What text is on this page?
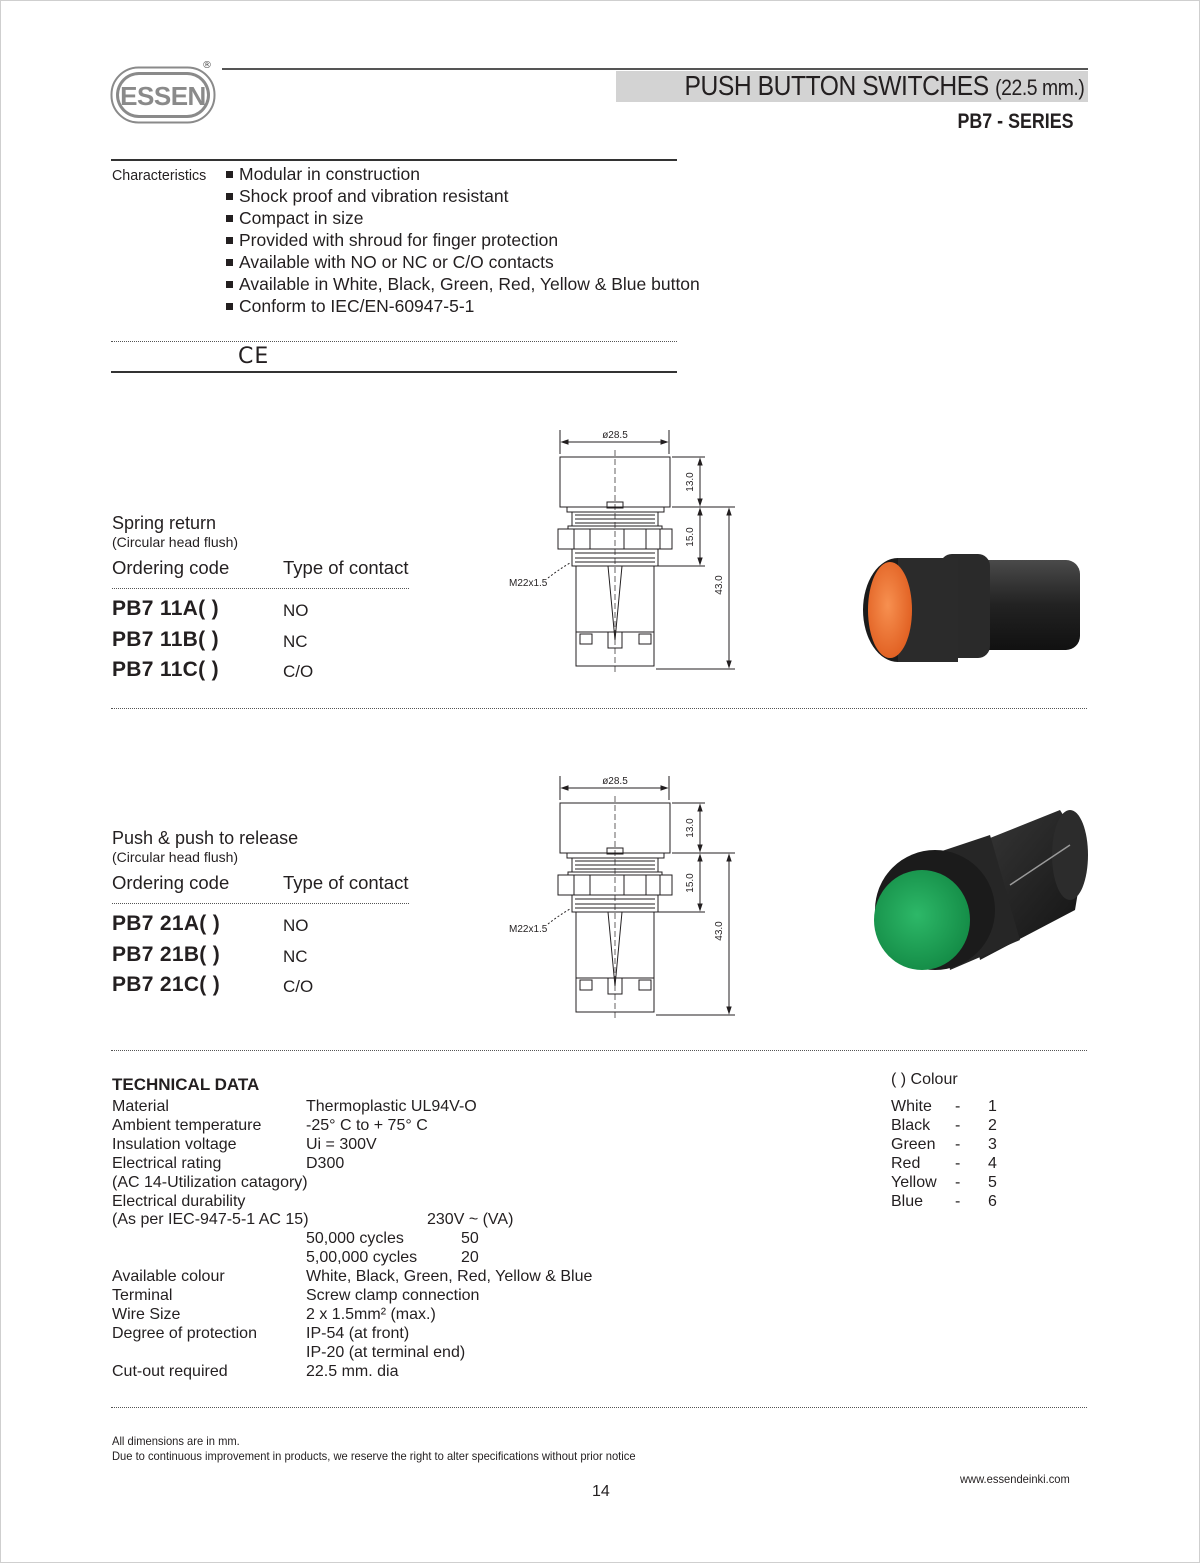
ESSEN
®
PUSH BUTTON SWITCHES (22.5 mm.)
PB7 - SERIES
Characteristics	Modular in construction
Shock proof and vibration resistant
Compact in size
Provided with shroud for finger protection
Available with NO or NC or C/O contacts
Available in White, Black, Green, Red, Yellow & Blue button
Conform to IEC/EN-60947-5-1
CE
Spring return
(Circular head flush)
Ordering code	Type of contact
PB7 11A( )	NO
PB7 11B( )	NC
PB7 11C( )	C/O
ø28.5
13.0
15.0
43.0
M22x1.5
Push & push to release
(Circular head flush)
Ordering code	Type of contact
PB7 21A( )	NO
PB7 21B( )	NC
PB7 21C( )	C/O
ø28.5
13.0
15.0
43.0
M22x1.5
TECHNICAL DATA
Material	Thermoplastic UL94V-O
Ambient temperature	-25° C to + 75° C
Insulation voltage	Ui = 300V
Electrical rating	D300
(AC 14-Utilization catagory)
Electrical durability
(As per IEC-947-5-1 AC 15)	230V ~ (VA)
50,000 cycles	50
5,00,000 cycles	20
Available colour	White, Black, Green, Red, Yellow & Blue
Terminal	Screw clamp connection
Wire Size	2 x 1.5mm² (max.)
Degree of protection	IP-54 (at front)
IP-20 (at terminal end)
Cut-out required	22.5 mm. dia
( ) Colour
White - 1
Black - 2
Green - 3
Red - 4
Yellow - 5
Blue - 6
All dimensions are in mm.
Due to continuous improvement in products, we reserve the right to alter specifications without prior notice
www.essendeinki.com
14
